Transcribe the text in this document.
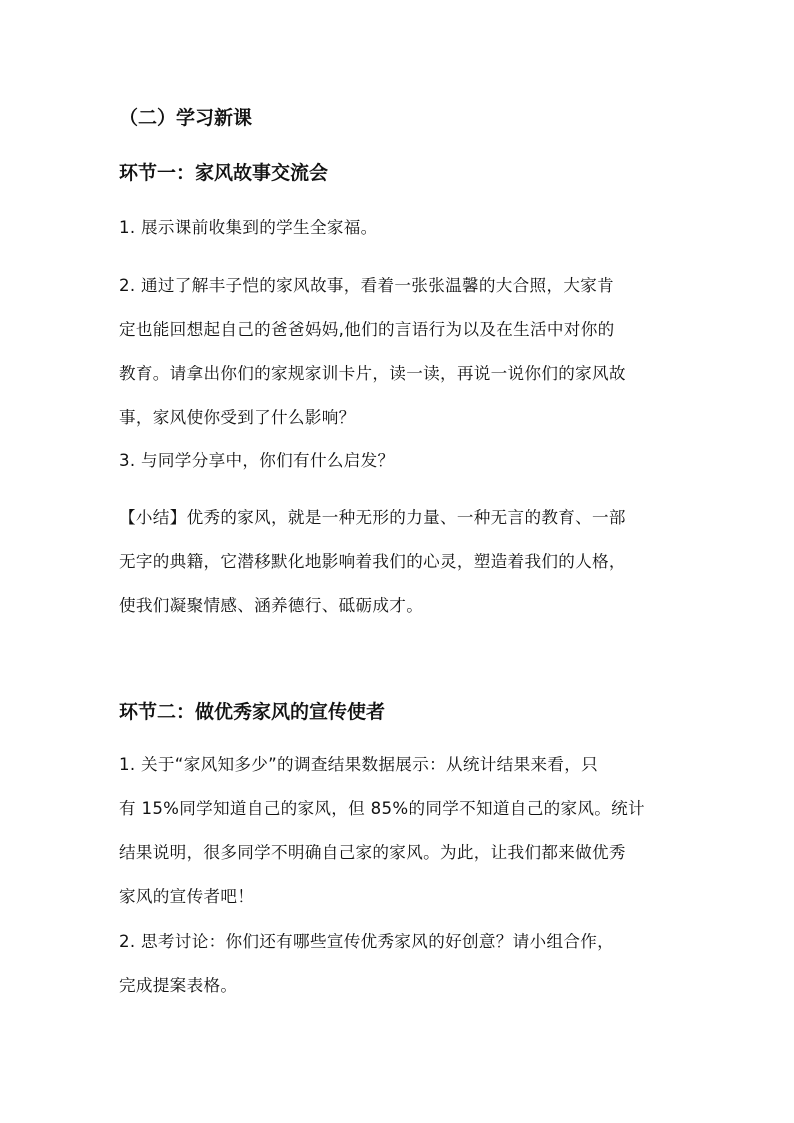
（二）学习新课
环节一：家风故事交流会
1. 展示课前收集到的学生全家福。
2. 通过了解丰子恺的家风故事，看着一张张温馨的大合照，大家肯
定也能回想起自己的爸爸妈妈,他们的言语行为以及在生活中对你的
教育。请拿出你们的家规家训卡片，读一读，再说一说你们的家风故
事，家风使你受到了什么影响？
3. 与同学分享中，你们有什么启发？
【小结】优秀的家风，就是一种无形的力量、一种无言的教育、一部
无字的典籍，它潜移默化地影响着我们的心灵，塑造着我们的人格，
使我们凝聚情感、涵养德行、砥砺成才。
环节二：做优秀家风的宣传使者
1. 关于“家风知多少”的调查结果数据展示：从统计结果来看，只
有 15%同学知道自己的家风，但 85%的同学不知道自己的家风。统计
结果说明，很多同学不明确自己家的家风。为此，让我们都来做优秀
家风的宣传者吧！
2. 思考讨论：你们还有哪些宣传优秀家风的好创意？请小组合作，
完成提案表格。
